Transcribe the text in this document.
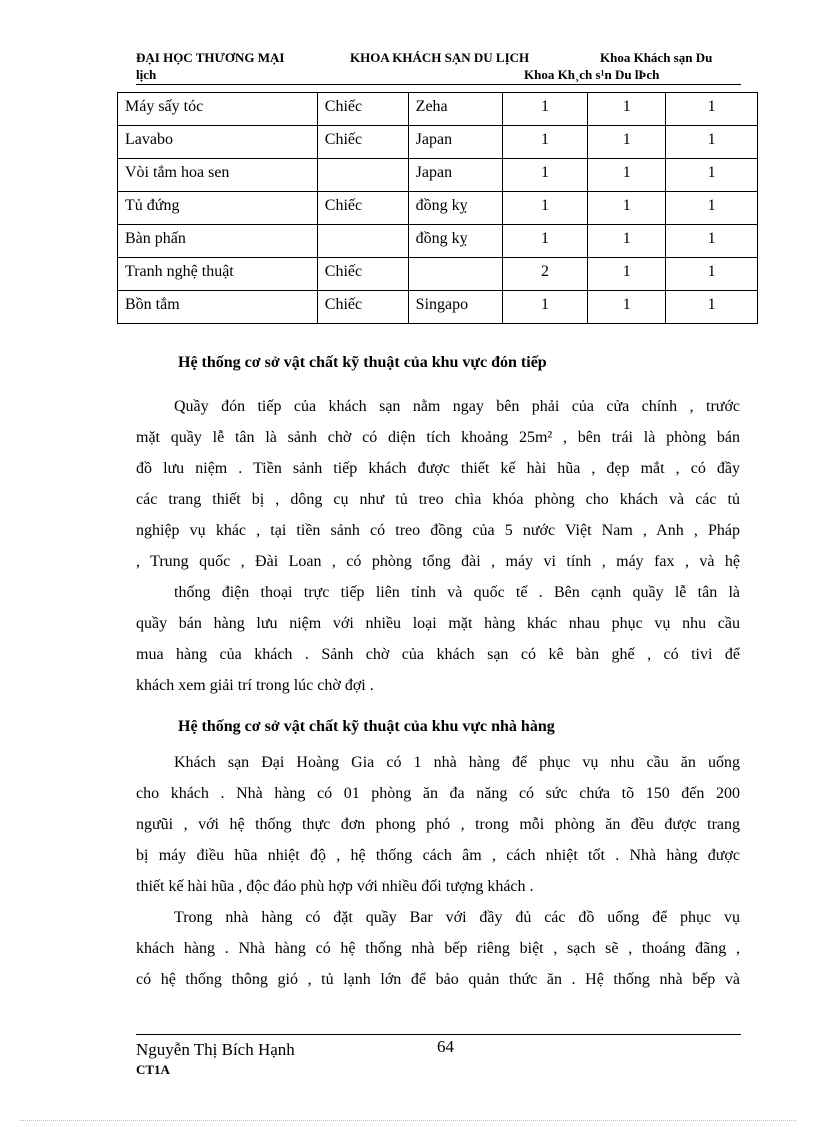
ĐẠI HỌC THƯƠNG MẠI	KHOA KHÁCH SẠN DU LỊCH	Khoa Khách sạn Du
lịch	Khoa Kh¸ch s¹n Du lÞch
Máy sấy tóc	Chiếc	Zeha	1	1	1
Lavabo	Chiếc	Japan	1	1	1
Vòi tắm hoa sen		Japan	1	1	1
Tủ đứng	Chiếc	đồng kỵ	1	1	1
Bàn phấn		đồng kỵ	1	1	1
Tranh nghệ thuật	Chiếc		2	1	1
Bồn tắm	Chiếc	Singapo	1	1	1
Hệ thống cơ sở vật chất kỹ thuật của khu vực đón tiếp
Quầy đón tiếp của khách sạn nằm ngay bên phải của cửa chính , trước
mặt quầy lễ tân là sảnh chờ có diện tích khoảng 25m² , bên trái là phòng bán
đồ lưu niệm . Tiền sảnh tiếp khách được thiết kế hài hũa , đẹp mắt , có đầy
các trang thiết bị , dông cụ như tủ treo chìa khóa phòng cho khách và các tủ
nghiệp vụ khác , tại tiền sảnh có treo đồng của 5 nước Việt Nam , Anh , Pháp
, Trung quốc , Đài Loan , có phòng tổng đài , máy vi tính , máy fax , và hệ
thống điện thoại trực tiếp liên tỉnh và quốc tế . Bên cạnh quầy lễ tân là
quầy bán hàng lưu niệm với nhiều loại mặt hàng khác nhau phục vụ nhu cầu
mua hàng của khách . Sảnh chờ của khách sạn có kê bàn ghế , có tivi để
khách xem giải trí trong lúc chờ đợi .
Hệ thống cơ sở vật chất kỹ thuật của khu vực nhà hàng
Khách sạn Đại Hoàng Gia có 1 nhà hàng để phục vụ nhu cầu ăn uống
cho khách . Nhà hàng có 01 phòng ăn đa năng có sức chứa tõ 150 đến 200
ngưũi , với hệ thống thực đơn phong phó , trong mỗi phòng ăn đều được trang
bị máy điều hũa nhiệt độ , hệ thống cách âm , cách nhiệt tốt . Nhà hàng được
thiết kế hài hũa , độc đáo phù hợp với nhiều đối tượng khách .
Trong nhà hàng có đặt quầy Bar với đầy đủ các đồ uống để phục vụ
khách hàng . Nhà hàng có hệ thống nhà bếp riêng biệt , sạch sẽ , thoáng đãng ,
có hệ thống thông gió , tủ lạnh lớn để bảo quản thức ăn . Hệ thống nhà bếp và
Nguyễn Thị Bích Hạnh	64
CT1A
